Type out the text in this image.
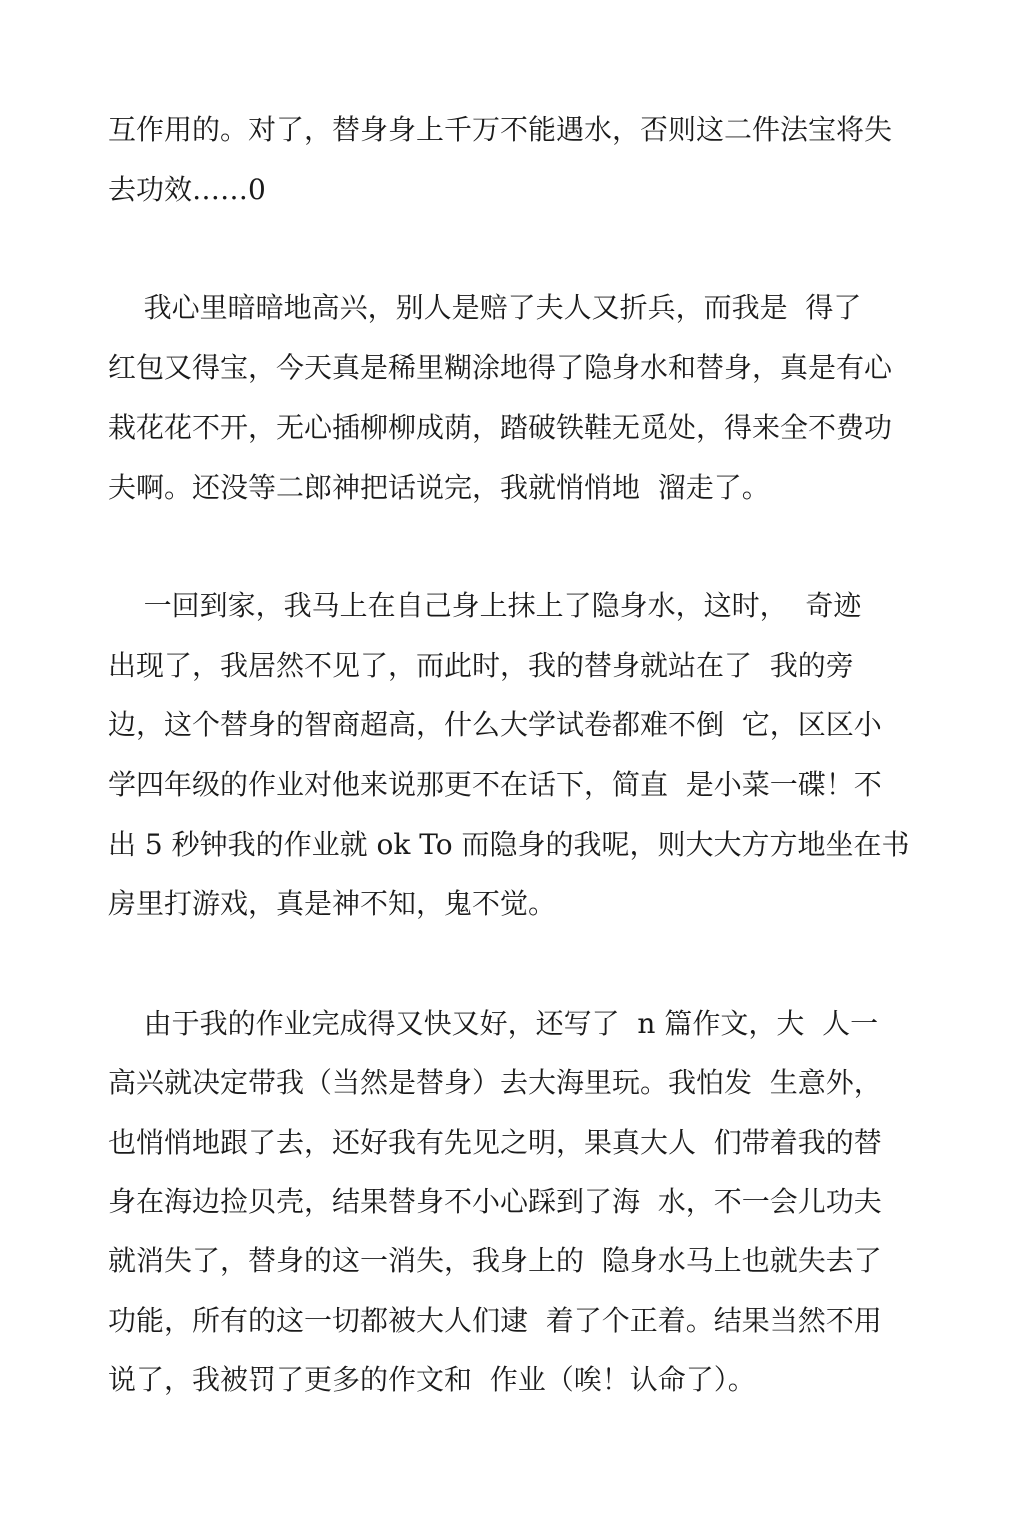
互作用的。对了，替身身上千万不能遇水，否则这二件法宝将失
去功效……0
我心里暗暗地高兴，别人是赔了夫人又折兵，而我是  得了
红包又得宝，今天真是稀里糊涂地得了隐身水和替身，真是有心
栽花花不开，无心插柳柳成荫，踏破铁鞋无觅处，得来全不费功
夫啊。还没等二郎神把话说完，我就悄悄地  溜走了。
一回到家，我马上在自己身上抹上了隐身水，这时，  奇迹
出现了，我居然不见了，而此时，我的替身就站在了  我的旁
边，这个替身的智商超高，什么大学试卷都难不倒  它，区区小
学四年级的作业对他来说那更不在话下，简直  是小菜一碟！不
出 5 秒钟我的作业就 ok To 而隐身的我呢，则大大方方地坐在书
房里打游戏，真是神不知，鬼不觉。
由于我的作业完成得又快又好，还写了  n 篇作文，大  人一
高兴就决定带我（当然是替身）去大海里玩。我怕发  生意外，
也悄悄地跟了去，还好我有先见之明，果真大人  们带着我的替
身在海边捡贝壳，结果替身不小心踩到了海  水，不一会儿功夫
就消失了，替身的这一消失，我身上的  隐身水马上也就失去了
功能，所有的这一切都被大人们逮  着了个正着。结果当然不用
说了，我被罚了更多的作文和  作业（唉！认命了）。
